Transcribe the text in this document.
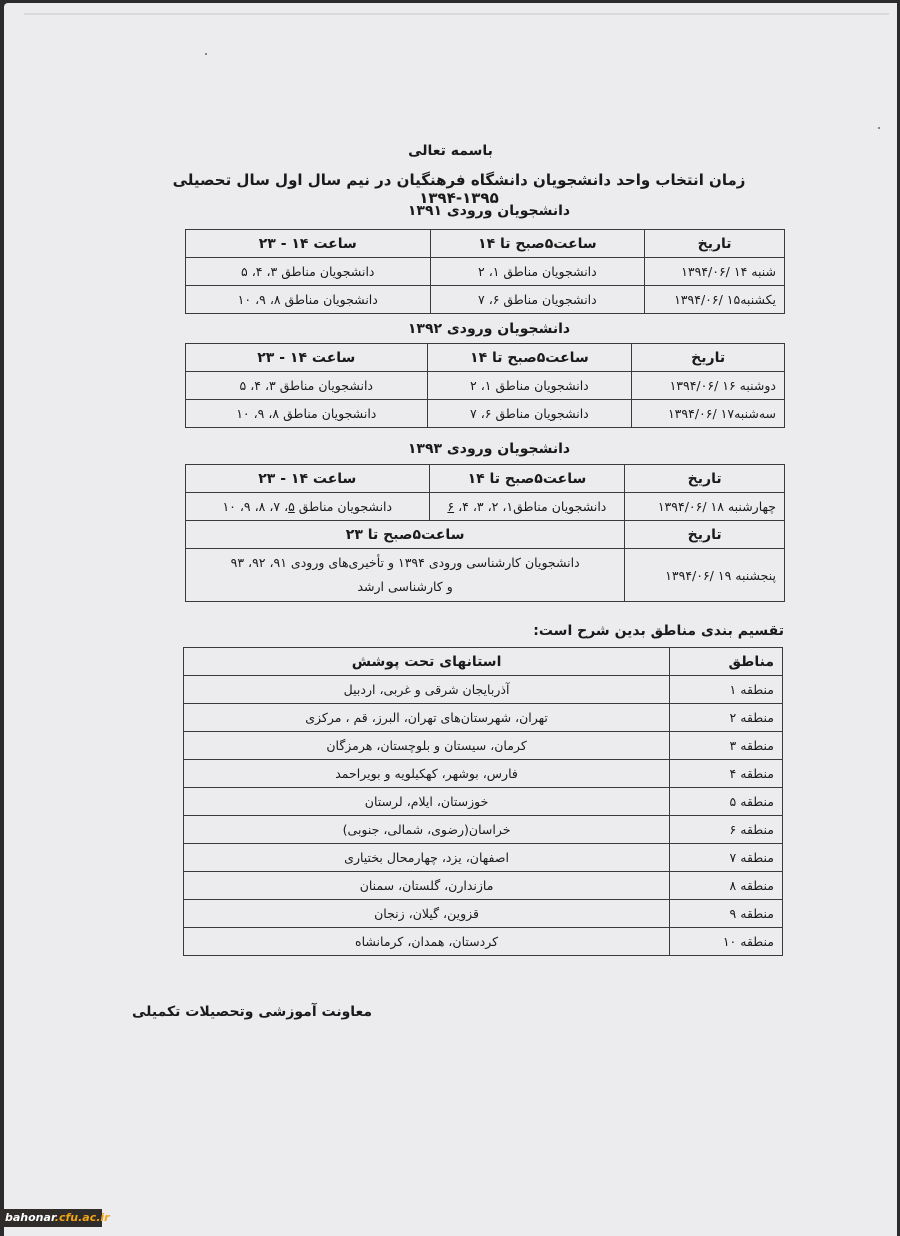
باسمه تعالی
زمان انتخاب واحد دانشجویان دانشگاه فرهنگیان در نیم سال اول سال تحصیلی ۱۳۹۵-۱۳۹۴
دانشجویان ورودی ۱۳۹۱
تاریخ	ساعت۵صبح تا ۱۴	ساعت ۱۴ - ۲۳
شنبه ۱۴ /۱۳۹۴/۰۶	دانشجویان مناطق ۱، ۲	دانشجویان مناطق ۳، ۴، ۵
یکشنبه۱۵ /۱۳۹۴/۰۶	دانشجویان مناطق ۶، ۷	دانشجویان مناطق ۸، ۹، ۱۰
دانشجویان ورودی ۱۳۹۲
تاریخ	ساعت۵صبح تا ۱۴	ساعت ۱۴ - ۲۳
دوشنبه ۱۶ /۱۳۹۴/۰۶	دانشجویان مناطق ۱، ۲	دانشجویان مناطق ۳، ۴، ۵
سه‌شنبه۱۷ /۱۳۹۴/۰۶	دانشجویان مناطق ۶، ۷	دانشجویان مناطق ۸، ۹، ۱۰
دانشجویان ورودی ۱۳۹۳
تاریخ	ساعت۵صبح تا ۱۴	ساعت ۱۴ - ۲۳
چهارشنبه ۱۸ /۱۳۹۴/۰۶	دانشجویان مناطق۱، ۲، ۳، ۴، ۶	دانشجویان مناطق ۵، ۷، ۸، ۹، ۱۰
تاریخ	ساعت۵صبح تا ۲۳	
پنجشنبه ۱۹ /۱۳۹۴/۰۶	دانشجویان کارشناسی ورودی ۱۳۹۴ و تأخیری‌های ورودی ۹۱، ۹۲، ۹۳
و کارشناسی ارشد	
تقسیم بندی مناطق بدین شرح است:
مناطق	استانهای تحت پوشش
منطقه ۱	آذربایجان شرقی و غربی، اردبیل
منطقه ۲	تهران، شهرستان‌های تهران، البرز، قم ، مرکزی
منطقه ۳	کرمان، سیستان و بلوچستان، هرمزگان
منطقه ۴	فارس، بوشهر، کهکیلویه و بویراحمد
منطقه ۵	خوزستان، ایلام، لرستان
منطقه ۶	خراسان(رضوی، شمالی، جنوبی)
منطقه ۷	اصفهان، یزد، چهارمحال بختیاری
منطقه ۸	مازندارن، گلستان، سمنان
منطقه ۹	قزوین، گیلان، زنجان
منطقه ۱۰	کردستان، همدان، کرمانشاه
معاونت آموزشی وتحصیلات تکمیلی
bahonar.cfu.ac.ir
